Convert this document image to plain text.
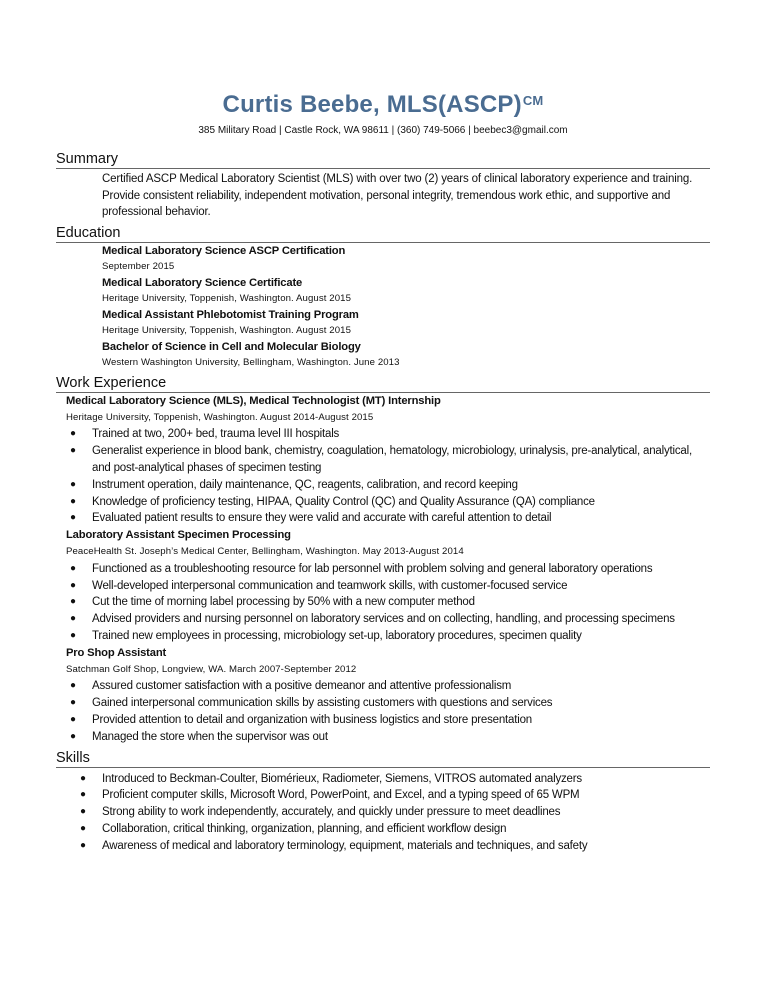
Curtis Beebe, MLS(ASCP)$^{CM}$
385 Military Road | Castle Rock, WA 98611 | (360) 749-5066 | beebec3@gmail.com
Summary
Certified ASCP Medical Laboratory Scientist (MLS) with over two (2) years of clinical laboratory experience and training. Provide consistent reliability, independent motivation, personal integrity, tremendous work ethic, and supportive and professional behavior.
Education
Medical Laboratory Science ASCP Certification
September 2015
Medical Laboratory Science Certificate
Heritage University, Toppenish, Washington. August 2015
Medical Assistant Phlebotomist Training Program
Heritage University, Toppenish, Washington. August 2015
Bachelor of Science in Cell and Molecular Biology
Western Washington University, Bellingham, Washington. June 2013
Work Experience
Medical Laboratory Science (MLS), Medical Technologist (MT) Internship
Heritage University, Toppenish, Washington. August 2014-August 2015
● Trained at two, 200+ bed, trauma level III hospitals
● Generalist experience in blood bank, chemistry, coagulation, hematology, microbiology, urinalysis, pre-analytical, analytical, and post-analytical phases of specimen testing
● Instrument operation, daily maintenance, QC, reagents, calibration, and record keeping
● Knowledge of proficiency testing, HIPAA, Quality Control (QC) and Quality Assurance (QA) compliance
● Evaluated patient results to ensure they were valid and accurate with careful attention to detail
Laboratory Assistant Specimen Processing
PeaceHealth St. Joseph’s Medical Center, Bellingham, Washington. May 2013-August 2014
● Functioned as a troubleshooting resource for lab personnel with problem solving and general laboratory operations
● Well-developed interpersonal communication and teamwork skills, with customer-focused service
● Cut the time of morning label processing by 50% with a new computer method
● Advised providers and nursing personnel on laboratory services and on collecting, handling, and processing specimens
● Trained new employees in processing, microbiology set-up, laboratory procedures, specimen quality
Pro Shop Assistant
Satchman Golf Shop, Longview, WA. March 2007-September 2012
● Assured customer satisfaction with a positive demeanor and attentive professionalism
● Gained interpersonal communication skills by assisting customers with questions and services
● Provided attention to detail and organization with business logistics and store presentation
● Managed the store when the supervisor was out
Skills
● Introduced to Beckman-Coulter, Biomérieux, Radiometer, Siemens, VITROS automated analyzers
● Proficient computer skills, Microsoft Word, PowerPoint, and Excel, and a typing speed of 65 WPM
● Strong ability to work independently, accurately, and quickly under pressure to meet deadlines
● Collaboration, critical thinking, organization, planning, and efficient workflow design
● Awareness of medical and laboratory terminology, equipment, materials and techniques, and safety
